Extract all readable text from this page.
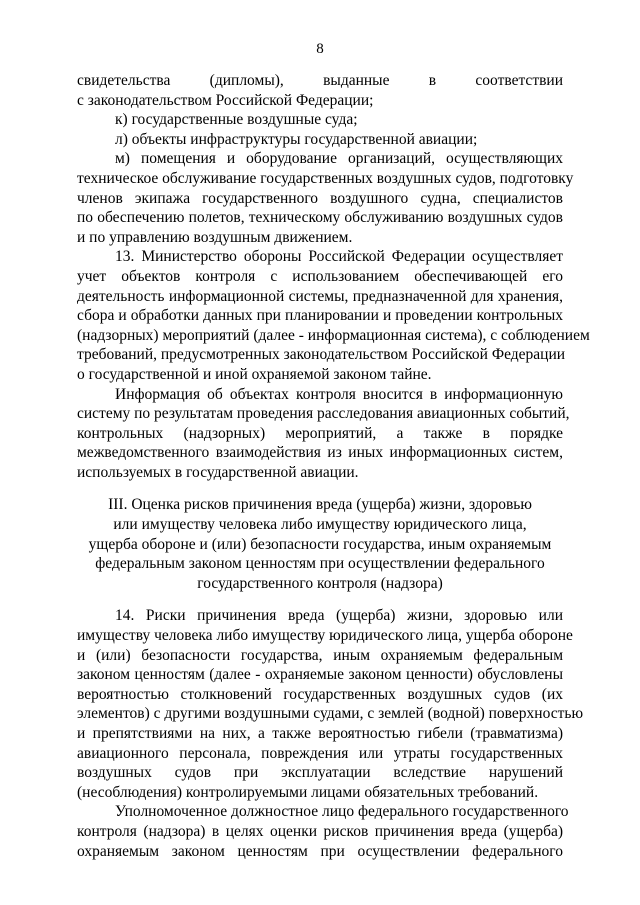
8
свидетельства (дипломы), выданные в соответствии
с законодательством Российской Федерации;
к) государственные воздушные суда;
л) объекты инфраструктуры государственной авиации;
м) помещения и оборудование организаций, осуществляющих
техническое обслуживание государственных воздушных судов, подготовку
членов экипажа государственного воздушного судна, специалистов
по обеспечению полетов, техническому обслуживанию воздушных судов
и по управлению воздушным движением.
13. Министерство обороны Российской Федерации осуществляет
учет объектов контроля с использованием обеспечивающей его
деятельность информационной системы, предназначенной для хранения,
сбора и обработки данных при планировании и проведении контрольных
(надзорных) мероприятий (далее - информационная система), с соблюдением
требований, предусмотренных законодательством Российской Федерации
о государственной и иной охраняемой законом тайне.
Информация об объектах контроля вносится в информационную
систему по результатам проведения расследования авиационных событий,
контрольных (надзорных) мероприятий, а также в порядке
межведомственного взаимодействия из иных информационных систем,
используемых в государственной авиации.
III. Оценка рисков причинения вреда (ущерба) жизни, здоровью
или имуществу человека либо имуществу юридического лица,
ущерба обороне и (или) безопасности государства, иным охраняемым
федеральным законом ценностям при осуществлении федерального
государственного контроля (надзора)
14. Риски причинения вреда (ущерба) жизни, здоровью или
имуществу человека либо имуществу юридического лица, ущерба обороне
и (или) безопасности государства, иным охраняемым федеральным
законом ценностям (далее - охраняемые законом ценности) обусловлены
вероятностью столкновений государственных воздушных судов (их
элементов) с другими воздушными судами, с землей (водной) поверхностью
и препятствиями на них, а также вероятностью гибели (травматизма)
авиационного персонала, повреждения или утраты государственных
воздушных судов при эксплуатации вследствие нарушений
(несоблюдения) контролируемыми лицами обязательных требований.
Уполномоченное должностное лицо федерального государственного
контроля (надзора) в целях оценки рисков причинения вреда (ущерба)
охраняемым законом ценностям при осуществлении федерального
